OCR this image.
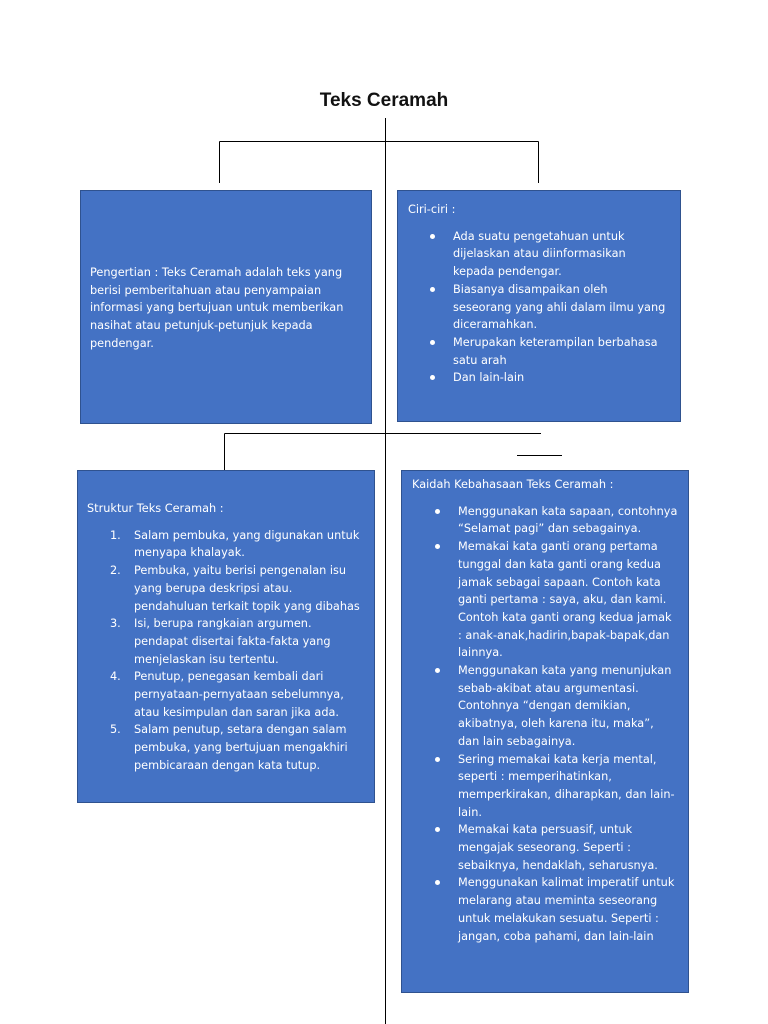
Teks Ceramah

Pengertian : Teks Ceramah adalah teks yang berisi pemberitahuan atau penyampaian informasi yang bertujuan untuk memberikan nasihat atau petunjuk-petunjuk kepada pendengar.

Ciri-ciri :

Ada suatu pengetahuan untuk dijelaskan atau diinformasikan kepada pendengar.
Biasanya disampaikan oleh seseorang yang ahli dalam ilmu yang diceramahkan.
Merupakan keterampilan berbahasa satu arah
Dan lain-lain

Struktur Teks Ceramah :

1. Salam pembuka, yang digunakan untuk menyapa khalayak.
2. Pembuka, yaitu berisi pengenalan isu yang berupa deskripsi atau. pendahuluan terkait topik yang dibahas
3. Isi, berupa rangkaian argumen. pendapat disertai fakta-fakta yang menjelaskan isu tertentu.
4. Penutup, penegasan kembali dari pernyataan-pernyataan sebelumnya, atau kesimpulan dan saran jika ada.
5. Salam penutup, setara dengan salam pembuka, yang bertujuan mengakhiri pembicaraan dengan kata tutup.

Kaidah Kebahasaan Teks Ceramah :

Menggunakan kata sapaan, contohnya “Selamat pagi” dan sebagainya.
Memakai kata ganti orang pertama tunggal dan kata ganti orang kedua jamak sebagai sapaan. Contoh kata ganti pertama : saya, aku, dan kami. Contoh kata ganti orang kedua jamak : anak-anak,hadirin,bapak-bapak,dan lainnya.
Menggunakan kata yang menunjukan sebab-akibat atau argumentasi. Contohnya “dengan demikian, akibatnya, oleh karena itu, maka”, dan lain sebagainya.
Sering memakai kata kerja mental, seperti : memperihatinkan, memperkirakan, diharapkan, dan lain-lain.
Memakai kata persuasif, untuk mengajak seseorang. Seperti : sebaiknya, hendaklah, seharusnya.
Menggunakan kalimat imperatif untuk melarang atau meminta seseorang untuk melakukan sesuatu. Seperti : jangan, coba pahami, dan lain-lain
